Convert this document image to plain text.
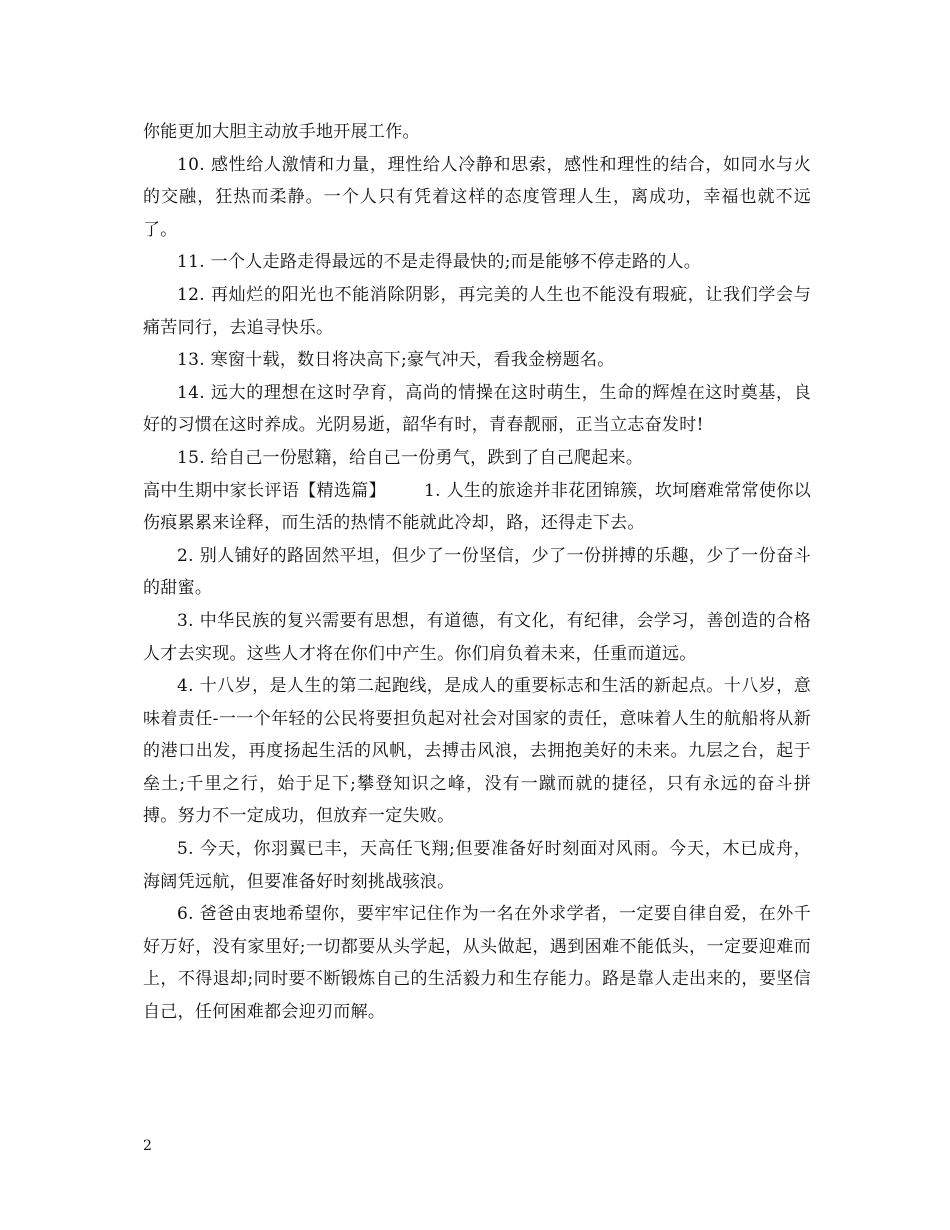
你能更加大胆主动放手地开展工作。

10. 感性给人激情和力量，理性给人冷静和思索，感性和理性的结合，如同水与火的交融，狂热而柔静。一个人只有凭着这样的态度管理人生，离成功，幸福也就不远了。

11. 一个人走路走得最远的不是走得最快的;而是能够不停走路的人。

12. 再灿烂的阳光也不能消除阴影，再完美的人生也不能没有瑕疵，让我们学会与痛苦同行，去追寻快乐。

13. 寒窗十载，数日将决高下;豪气冲天，看我金榜题名。

14. 远大的理想在这时孕育，高尚的情操在这时萌生，生命的辉煌在这时奠基，良好的习惯在这时养成。光阴易逝，韶华有时，青春靓丽，正当立志奋发时!

15. 给自己一份慰籍，给自己一份勇气，跌到了自己爬起来。

高中生期中家长评语【精选篇】 1. 人生的旅途并非花团锦簇，坎坷磨难常常使你以伤痕累累来诠释，而生活的热情不能就此冷却，路，还得走下去。

2. 别人铺好的路固然平坦，但少了一份坚信，少了一份拼搏的乐趣，少了一份奋斗的甜蜜。

3. 中华民族的复兴需要有思想，有道德，有文化，有纪律，会学习，善创造的合格人才去实现。这些人才将在你们中产生。你们肩负着未来，任重而道远。

4. 十八岁，是人生的第二起跑线，是成人的重要标志和生活的新起点。十八岁，意味着责任-一一个年轻的公民将要担负起对社会对国家的责任，意味着人生的航船将从新的港口出发，再度扬起生活的风帆，去搏击风浪，去拥抱美好的未来。九层之台，起于垒土;千里之行，始于足下;攀登知识之峰，没有一蹴而就的捷径，只有永远的奋斗拼搏。努力不一定成功，但放弃一定失败。

5. 今天，你羽翼已丰，天高任飞翔;但要准备好时刻面对风雨。今天，木已成舟，海阔凭远航，但要准备好时刻挑战骇浪。

6. 爸爸由衷地希望你，要牢牢记住作为一名在外求学者，一定要自律自爱，在外千好万好，没有家里好;一切都要从头学起，从头做起，遇到困难不能低头，一定要迎难而上，不得退却;同时要不断锻炼自己的生活毅力和生存能力。路是靠人走出来的，要坚信自己，任何困难都会迎刃而解。

2
